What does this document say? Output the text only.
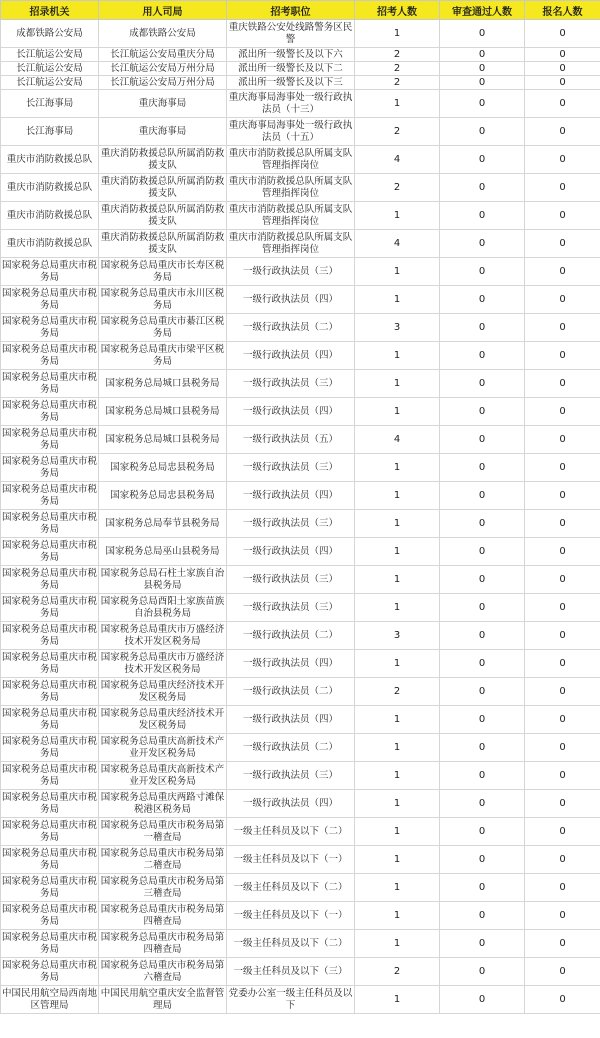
招录机关	用人司局	招考职位	招考人数	审查通过人数	报名人数
成都铁路公安局	成都铁路公安局	重庆铁路公安处线路警务区民警	1	0	0
长江航运公安局	长江航运公安局重庆分局	派出所一级警长及以下六	2	0	0
长江航运公安局	长江航运公安局万州分局	派出所一级警长及以下二	2	0	0
长江航运公安局	长江航运公安局万州分局	派出所一级警长及以下三	2	0	0
长江海事局	重庆海事局	重庆海事局海事处一级行政执法员（十三）	1	0	0
长江海事局	重庆海事局	重庆海事局海事处一级行政执法员（十五）	2	0	0
重庆市消防救援总队	重庆消防救援总队所属消防救援支队	重庆市消防救援总队所属支队管理指挥岗位	4	0	0
重庆市消防救援总队	重庆消防救援总队所属消防救援支队	重庆市消防救援总队所属支队管理指挥岗位	2	0	0
重庆市消防救援总队	重庆消防救援总队所属消防救援支队	重庆市消防救援总队所属支队管理指挥岗位	1	0	0
重庆市消防救援总队	重庆消防救援总队所属消防救援支队	重庆市消防救援总队所属支队管理指挥岗位	4	0	0
国家税务总局重庆市税务局	国家税务总局重庆市长寿区税务局	一级行政执法员（三）	1	0	0
国家税务总局重庆市税务局	国家税务总局重庆市永川区税务局	一级行政执法员（四）	1	0	0
国家税务总局重庆市税务局	国家税务总局重庆市綦江区税务局	一级行政执法员（二）	3	0	0
国家税务总局重庆市税务局	国家税务总局重庆市梁平区税务局	一级行政执法员（四）	1	0	0
国家税务总局重庆市税务局	国家税务总局城口县税务局	一级行政执法员（三）	1	0	0
国家税务总局重庆市税务局	国家税务总局城口县税务局	一级行政执法员（四）	1	0	0
国家税务总局重庆市税务局	国家税务总局城口县税务局	一级行政执法员（五）	4	0	0
国家税务总局重庆市税务局	国家税务总局忠县税务局	一级行政执法员（三）	1	0	0
国家税务总局重庆市税务局	国家税务总局忠县税务局	一级行政执法员（四）	1	0	0
国家税务总局重庆市税务局	国家税务总局奉节县税务局	一级行政执法员（三）	1	0	0
国家税务总局重庆市税务局	国家税务总局巫山县税务局	一级行政执法员（四）	1	0	0
国家税务总局重庆市税务局	国家税务总局石柱土家族自治县税务局	一级行政执法员（三）	1	0	0
国家税务总局重庆市税务局	国家税务总局酉阳土家族苗族自治县税务局	一级行政执法员（三）	1	0	0
国家税务总局重庆市税务局	国家税务总局重庆市万盛经济技术开发区税务局	一级行政执法员（二）	3	0	0
国家税务总局重庆市税务局	国家税务总局重庆市万盛经济技术开发区税务局	一级行政执法员（四）	1	0	0
国家税务总局重庆市税务局	国家税务总局重庆经济技术开发区税务局	一级行政执法员（二）	2	0	0
国家税务总局重庆市税务局	国家税务总局重庆经济技术开发区税务局	一级行政执法员（四）	1	0	0
国家税务总局重庆市税务局	国家税务总局重庆高新技术产业开发区税务局	一级行政执法员（二）	1	0	0
国家税务总局重庆市税务局	国家税务总局重庆高新技术产业开发区税务局	一级行政执法员（三）	1	0	0
国家税务总局重庆市税务局	国家税务总局重庆两路寸滩保税港区税务局	一级行政执法员（四）	1	0	0
国家税务总局重庆市税务局	国家税务总局重庆市税务局第一稽查局	一级主任科员及以下（二）	1	0	0
国家税务总局重庆市税务局	国家税务总局重庆市税务局第二稽查局	一级主任科员及以下（一）	1	0	0
国家税务总局重庆市税务局	国家税务总局重庆市税务局第三稽查局	一级主任科员及以下（二）	1	0	0
国家税务总局重庆市税务局	国家税务总局重庆市税务局第四稽查局	一级主任科员及以下（一）	1	0	0
国家税务总局重庆市税务局	国家税务总局重庆市税务局第四稽查局	一级主任科员及以下（二）	1	0	0
国家税务总局重庆市税务局	国家税务总局重庆市税务局第六稽查局	一级主任科员及以下（三）	2	0	0
中国民用航空局西南地区管理局	中国民用航空重庆安全监督管理局	党委办公室一级主任科员及以下	1	0	0
